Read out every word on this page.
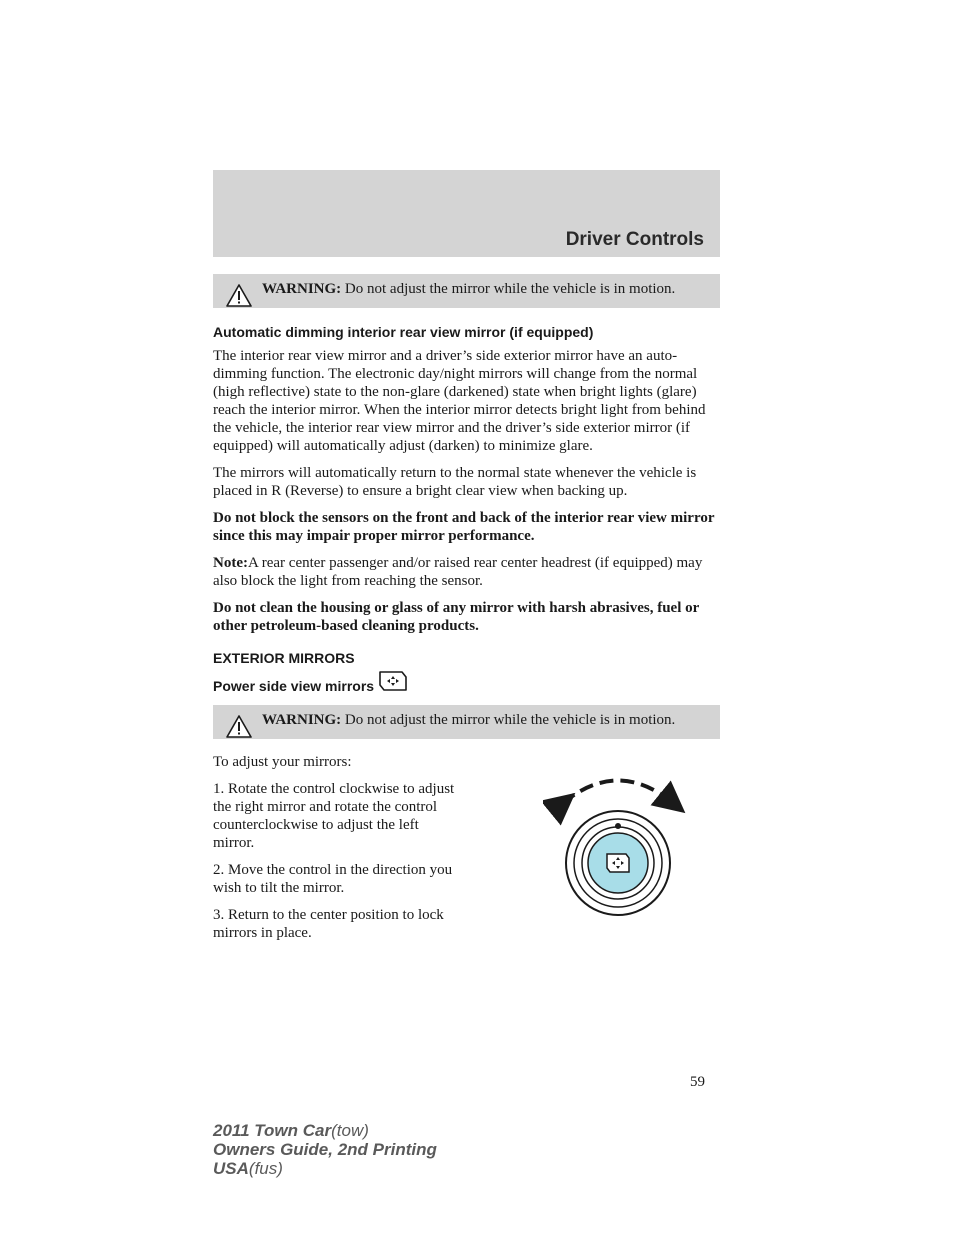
Driver Controls
WARNING: Do not adjust the mirror while the vehicle is in motion.
Automatic dimming interior rear view mirror (if equipped)

The interior rear view mirror and a driver’s side exterior mirror have an auto-dimming function. The electronic day/night mirrors will change from the normal (high reflective) state to the non-glare (darkened) state when bright lights (glare) reach the interior mirror. When the interior mirror detects bright light from behind the vehicle, the interior rear view mirror and the driver’s side exterior mirror (if equipped) will automatically adjust (darken) to minimize glare.

The mirrors will automatically return to the normal state whenever the vehicle is placed in R (Reverse) to ensure a bright clear view when backing up.

Do not block the sensors on the front and back of the interior rear view mirror since this may impair proper mirror performance.

Note:A rear center passenger and/or raised rear center headrest (if equipped) may also block the light from reaching the sensor.

Do not clean the housing or glass of any mirror with harsh abrasives, fuel or other petroleum-based cleaning products.

EXTERIOR MIRRORS
Power side view mirrors
WARNING: Do not adjust the mirror while the vehicle is in motion.

To adjust your mirrors:

1. Rotate the control clockwise to adjust the right mirror and rotate the control counterclockwise to adjust the left mirror.

2. Move the control in the direction you wish to tilt the mirror.

3. Return to the center position to lock mirrors in place.

59
2011 Town Car(tow)
Owners Guide, 2nd Printing
USA(fus)
